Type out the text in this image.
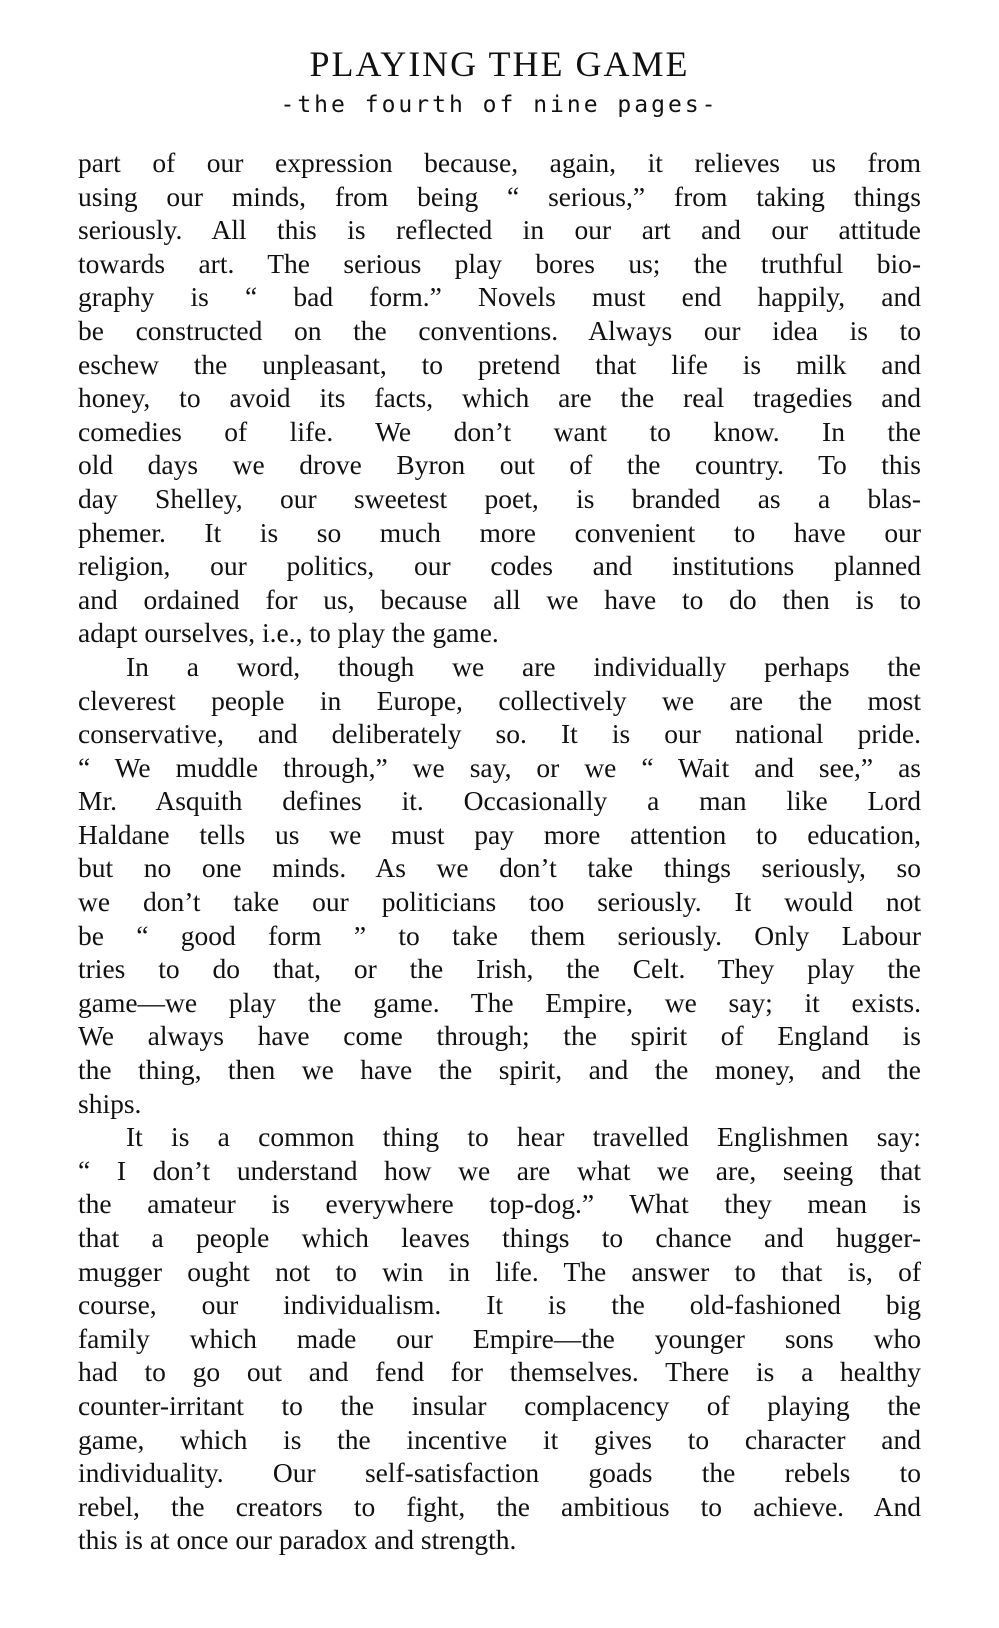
PLAYING THE GAME
-the fourth of nine pages-
part of our expression because, again, it relieves us from
using our minds, from being “ serious,” from taking things
seriously. All this is reflected in our art and our attitude
towards art. The serious play bores us; the truthful bio-
graphy is “ bad form.” Novels must end happily, and
be constructed on the conventions. Always our idea is to
eschew the unpleasant, to pretend that life is milk and
honey, to avoid its facts, which are the real tragedies and
comedies of life. We don’t want to know. In the
old days we drove Byron out of the country. To this
day Shelley, our sweetest poet, is branded as a blas-
phemer. It is so much more convenient to have our
religion, our politics, our codes and institutions planned
and ordained for us, because all we have to do then is to
adapt ourselves, i.e., to play the game.
In a word, though we are individually perhaps the
cleverest people in Europe, collectively we are the most
conservative, and deliberately so. It is our national pride.
“ We muddle through,” we say, or we “ Wait and see,” as
Mr. Asquith defines it. Occasionally a man like Lord
Haldane tells us we must pay more attention to education,
but no one minds. As we don’t take things seriously, so
we don’t take our politicians too seriously. It would not
be “ good form ” to take them seriously. Only Labour
tries to do that, or the Irish, the Celt. They play the
game—we play the game. The Empire, we say; it exists.
We always have come through; the spirit of England is
the thing, then we have the spirit, and the money, and the
ships.
It is a common thing to hear travelled Englishmen say:
“ I don’t understand how we are what we are, seeing that
the amateur is everywhere top-dog.” What they mean is
that a people which leaves things to chance and hugger-
mugger ought not to win in life. The answer to that is, of
course, our individualism. It is the old-fashioned big
family which made our Empire—the younger sons who
had to go out and fend for themselves. There is a healthy
counter-irritant to the insular complacency of playing the
game, which is the incentive it gives to character and
individuality. Our self-satisfaction goads the rebels to
rebel, the creators to fight, the ambitious to achieve. And
this is at once our paradox and strength.
